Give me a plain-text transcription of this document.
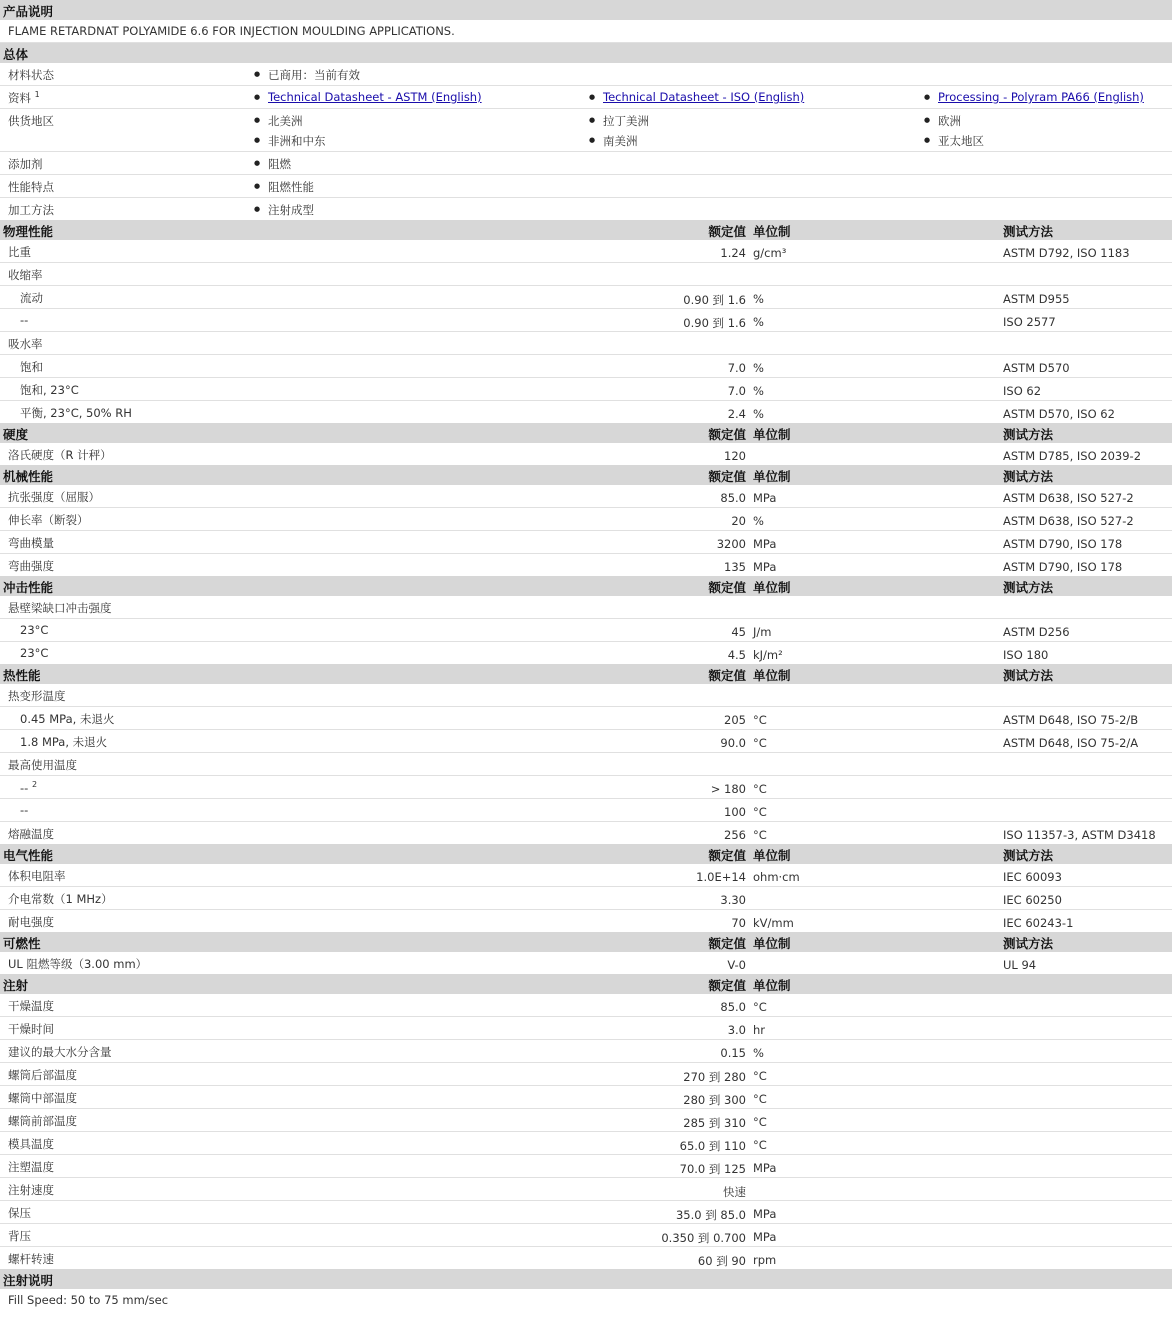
产品说明
FLAME RETARDNAT POLYAMIDE 6.6 FOR INJECTION MOULDING APPLICATIONS.
总体
材料状态	● 已商用：当前有效
资料 $^1$	● Technical Datasheet - ASTM (English)	● Technical Datasheet - ISO (English)	● Processing - Polyram PA66 (English)
供货地区	● 北美洲	● 拉丁美洲	● 欧洲
● 非洲和中东	● 南美洲	● 亚太地区
添加剂	● 阻燃
性能特点	● 阻燃性能
加工方法	● 注射成型
物理性能	额定值 单位制	测试方法
比重	1.24 g/cm³	ASTM D792, ISO 1183
收缩率
流动	0.90 到 1.6 %	ASTM D955
--	0.90 到 1.6 %	ISO 2577
吸水率
饱和	7.0 %	ASTM D570
饱和, 23°C	7.0 %	ISO 62
平衡, 23°C, 50% RH	2.4 %	ASTM D570, ISO 62
硬度	额定值 单位制	测试方法
洛氏硬度（R 计秤）	120	ASTM D785, ISO 2039-2
机械性能	额定值 单位制	测试方法
抗张强度（屈服）	85.0 MPa	ASTM D638, ISO 527-2
伸长率（断裂）	20 %	ASTM D638, ISO 527-2
弯曲模量	3200 MPa	ASTM D790, ISO 178
弯曲强度	135 MPa	ASTM D790, ISO 178
冲击性能	额定值 单位制	测试方法
悬壁梁缺口冲击强度
23°C	45 J/m	ASTM D256
23°C	4.5 kJ/m²	ISO 180
热性能	额定值 单位制	测试方法
热变形温度
0.45 MPa, 未退火	205 °C	ASTM D648, ISO 75-2/B
1.8 MPa, 未退火	90.0 °C	ASTM D648, ISO 75-2/A
最高使用温度
-- $^2$	> 180 °C
--	100 °C
熔融温度	256 °C	ISO 11357-3, ASTM D3418
电气性能	额定值 单位制	测试方法
体积电阻率	1.0E+14 ohm·cm	IEC 60093
介电常数（1 MHz）	3.30	IEC 60250
耐电强度	70 kV/mm	IEC 60243-1
可燃性	额定值 单位制	测试方法
UL 阻燃等级（3.00 mm）	V-0	UL 94
注射	额定值 单位制
干燥温度	85.0 °C
干燥时间	3.0 hr
建议的最大水分含量	0.15 %
螺筒后部温度	270 到 280 °C
螺筒中部温度	280 到 300 °C
螺筒前部温度	285 到 310 °C
模具温度	65.0 到 110 °C
注塑温度	70.0 到 125 MPa
注射速度	快速
保压	35.0 到 85.0 MPa
背压	0.350 到 0.700 MPa
螺杆转速	60 到 90 rpm
注射说明
Fill Speed: 50 to 75 mm/sec
